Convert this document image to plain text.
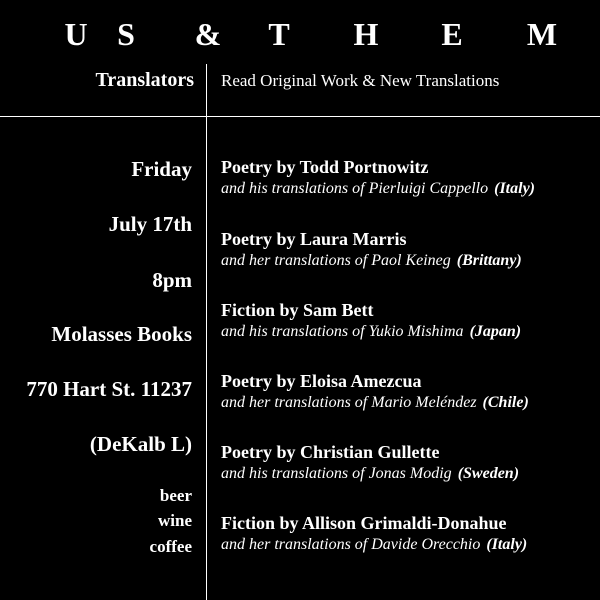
U S & T H E M
Translators Read Original Work & New Translations
Friday
July 17th
8pm
Molasses Books
770 Hart St. 11237
(DeKalb L)
beer
wine
coffee
Poetry by Todd Portnowitz
and his translations of Pierluigi Cappello (Italy)
Poetry by Laura Marris
and her translations of Paol Keineg (Brittany)
Fiction by Sam Bett
and his translations of Yukio Mishima (Japan)
Poetry by Eloisa Amezcua
and her translations of Mario Meléndez (Chile)
Poetry by Christian Gullette
and his translations of Jonas Modig (Sweden)
Fiction by Allison Grimaldi-Donahue
and her translations of Davide Orecchio (Italy)
